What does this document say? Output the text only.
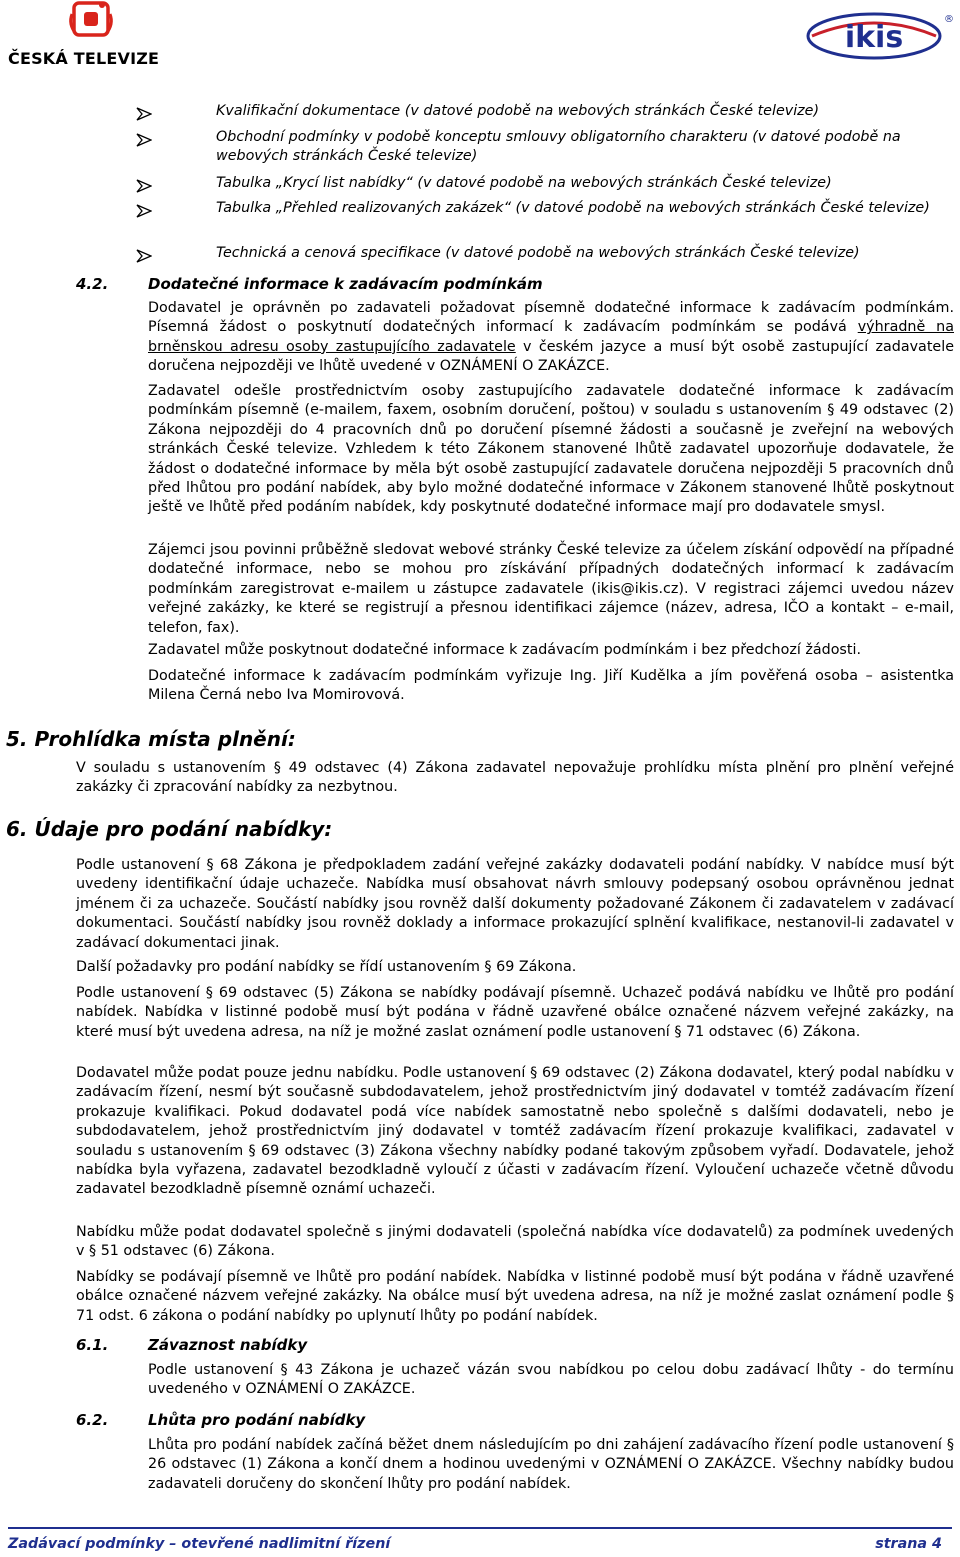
ČESKÁ TELEVIZE
ikis
®
Kvalifikační dokumentace (v datové podobě na webových stránkách České televize)
Obchodní podmínky v podobě konceptu smlouvy obligatorního charakteru (v datové podobě na webových stránkách České televize)
Tabulka „Krycí list nabídky“ (v datové podobě na webových stránkách České televize)
Tabulka „Přehled realizovaných zakázek“ (v datové podobě na webových stránkách České televize)
Technická a cenová specifikace (v datové podobě na webových stránkách České televize)
4.2.	Dodatečné informace k zadávacím podmínkám

Dodavatel je oprávněn po zadavateli požadovat písemně dodatečné informace k zadávacím podmínkám. Písemná žádost o poskytnutí dodatečných informací k zadávacím podmínkám se podává výhradně na brněnskou adresu osoby zastupujícího zadavatele v českém jazyce a musí být osobě zastupující zadavatele doručena nejpozději ve lhůtě uvedené v OZNÁMENÍ O ZAKÁZCE.

Zadavatel odešle prostřednictvím osoby zastupujícího zadavatele dodatečné informace k zadávacím podmínkám písemně (e-mailem, faxem, osobním doručení, poštou) v souladu s ustanovením § 49 odstavec (2) Zákona nejpozději do 4 pracovních dnů po doručení písemné žádosti a současně je zveřejní na webových stránkách České televize. Vzhledem k této Zákonem stanovené lhůtě zadavatel upozorňuje dodavatele, že žádost o dodatečné informace by měla být osobě zastupující zadavatele doručena nejpozději 5 pracovních dnů před lhůtou pro podání nabídek, aby bylo možné dodatečné informace v Zákonem stanovené lhůtě poskytnout ještě ve lhůtě před podáním nabídek, kdy poskytnuté dodatečné informace mají pro dodavatele smysl.

Zájemci jsou povinni průběžně sledovat webové stránky České televize za účelem získání odpovědí na případné dodatečné informace, nebo se mohou pro získávání případných dodatečných informací k zadávacím podmínkám zaregistrovat e-mailem u zástupce zadavatele (ikis@ikis.cz). V registraci zájemci uvedou název veřejné zakázky, ke které se registrují a přesnou identifikaci zájemce (název, adresa, IČO a kontakt – e-mail, telefon, fax).

Zadavatel může poskytnout dodatečné informace k zadávacím podmínkám i bez předchozí žádosti.

Dodatečné informace k zadávacím podmínkám vyřizuje Ing. Jiří Kudělka a jím pověřená osoba – asistentka Milena Černá nebo Iva Momirovová.

5. Prohlídka místa plnění:

V souladu s ustanovením § 49 odstavec (4) Zákona zadavatel nepovažuje prohlídku místa plnění pro plnění veřejné zakázky či zpracování nabídky za nezbytnou.

6. Údaje pro podání nabídky:

Podle ustanovení § 68 Zákona je předpokladem zadání veřejné zakázky dodavateli podání nabídky. V nabídce musí být uvedeny identifikační údaje uchazeče. Nabídka musí obsahovat návrh smlouvy podepsaný osobou oprávněnou jednat jménem či za uchazeče. Součástí nabídky jsou rovněž další dokumenty požadované Zákonem či zadavatelem v zadávací dokumentaci. Součástí nabídky jsou rovněž doklady a informace prokazující splnění kvalifikace, nestanovil-li zadavatel v zadávací dokumentaci jinak.

Další požadavky pro podání nabídky se řídí ustanovením § 69 Zákona.

Podle ustanovení § 69 odstavec (5) Zákona se nabídky podávají písemně. Uchazeč podává nabídku ve lhůtě pro podání nabídek. Nabídka v listinné podobě musí být podána v řádně uzavřené obálce označené názvem veřejné zakázky, na které musí být uvedena adresa, na níž je možné zaslat oznámení podle ustanovení § 71 odstavec (6) Zákona.

Dodavatel může podat pouze jednu nabídku. Podle ustanovení § 69 odstavec (2) Zákona dodavatel, který podal nabídku v zadávacím řízení, nesmí být současně subdodavatelem, jehož prostřednictvím jiný dodavatel v tomtéž zadávacím řízení prokazuje kvalifikaci. Pokud dodavatel podá více nabídek samostatně nebo společně s dalšími dodavateli, nebo je subdodavatelem, jehož prostřednictvím jiný dodavatel v tomtéž zadávacím řízení prokazuje kvalifikaci, zadavatel v souladu s ustanovením § 69 odstavec (3) Zákona všechny nabídky podané takovým způsobem vyřadí. Dodavatele, jehož nabídka byla vyřazena, zadavatel bezodkladně vyloučí z účasti v zadávacím řízení. Vyloučení uchazeče včetně důvodu zadavatel bezodkladně písemně oznámí uchazeči.

Nabídku může podat dodavatel společně s jinými dodavateli (společná nabídka více dodavatelů) za podmínek uvedených v § 51 odstavec (6) Zákona.

Nabídky se podávají písemně ve lhůtě pro podání nabídek. Nabídka v listinné podobě musí být podána v řádně uzavřené obálce označené názvem veřejné zakázky. Na obálce musí být uvedena adresa, na níž je možné zaslat oznámení podle § 71 odst. 6 zákona o podání nabídky po uplynutí lhůty po podání nabídek.

6.1.	Závaznost nabídky

Podle ustanovení § 43 Zákona je uchazeč vázán svou nabídkou po celou dobu zadávací lhůty - do termínu uvedeného v OZNÁMENÍ O ZAKÁZCE.

6.2.	Lhůta pro podání nabídky

Lhůta pro podání nabídek začíná běžet dnem následujícím po dni zahájení zadávacího řízení podle ustanovení § 26 odstavec (1) Zákona a končí dnem a hodinou uvedenými v OZNÁMENÍ O ZAKÁZCE. Všechny nabídky budou zadavateli doručeny do skončení lhůty pro podání nabídek.

Zadávací podmínky – otevřené nadlimitní řízení	strana 4
